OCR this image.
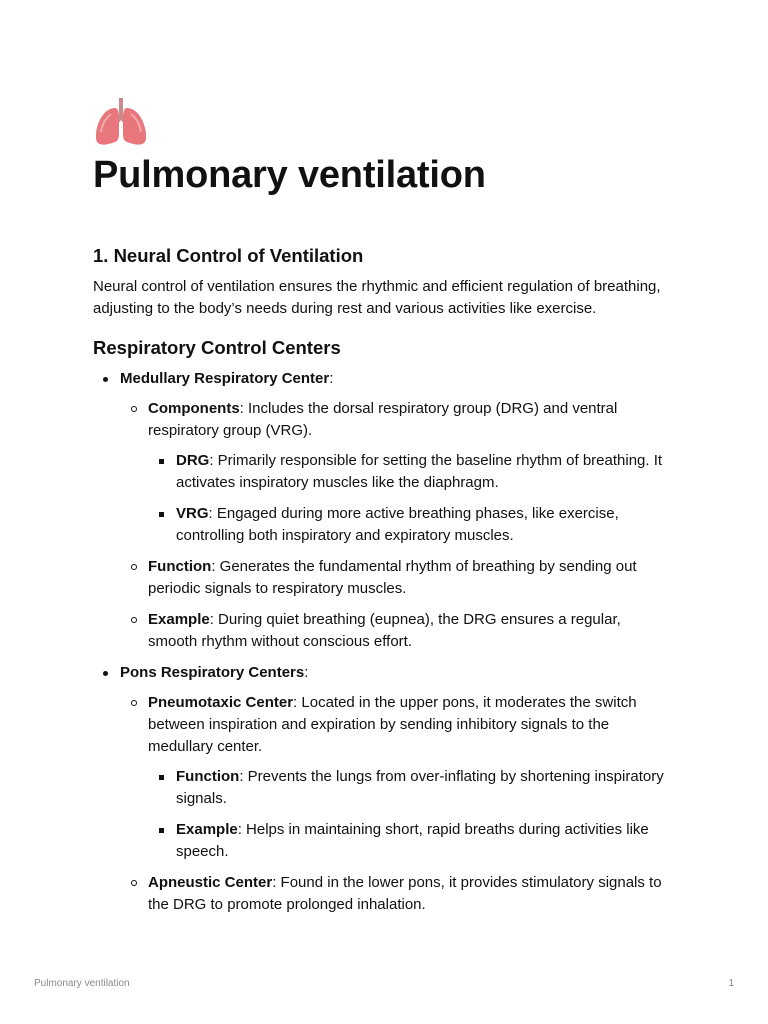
Pulmonary ventilation
1. Neural Control of Ventilation

Neural control of ventilation ensures the rhythmic and efficient regulation of breathing, adjusting to the body’s needs during rest and various activities like exercise.

Respiratory Control Centers
Medullary Respiratory Center:
Components: Includes the dorsal respiratory group (DRG) and ventral respiratory group (VRG).
DRG: Primarily responsible for setting the baseline rhythm of breathing. It activates inspiratory muscles like the diaphragm.
VRG: Engaged during more active breathing phases, like exercise, controlling both inspiratory and expiratory muscles.
Function: Generates the fundamental rhythm of breathing by sending out periodic signals to respiratory muscles.
Example: During quiet breathing (eupnea), the DRG ensures a regular, smooth rhythm without conscious effort.
Pons Respiratory Centers:
Pneumotaxic Center: Located in the upper pons, it moderates the switch between inspiration and expiration by sending inhibitory signals to the medullary center.
Function: Prevents the lungs from over-inflating by shortening inspiratory signals.
Example: Helps in maintaining short, rapid breaths during activities like speech.
Apneustic Center: Found in the lower pons, it provides stimulatory signals to the DRG to promote prolonged inhalation.
Pulmonary ventilation	1
